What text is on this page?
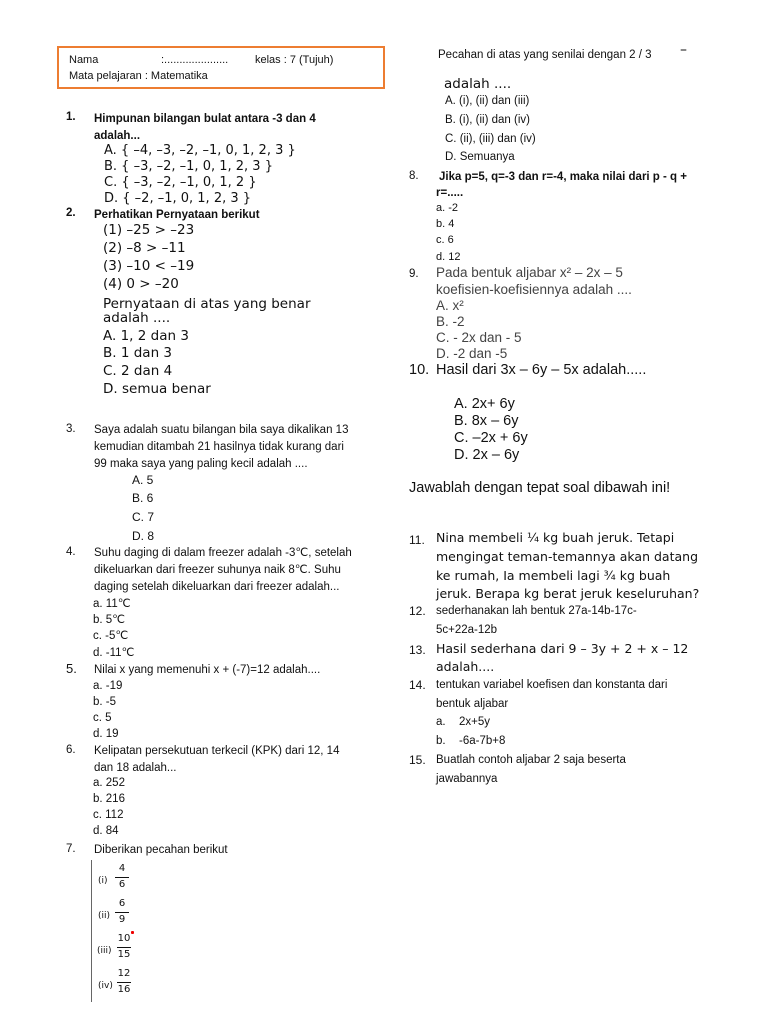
Nama	:..................... kelas : 7 (Tujuh)
Mata pelajaran : Matematika
1. Himpunan bilangan bulat antara -3 dan 4
adalah...
A. { –4, –3, –2, –1, 0, 1, 2, 3 }
B. { –3, –2, –1, 0, 1, 2, 3 }
C. { –3, –2, –1, 0, 1, 2 }
D. { –2, –1, 0, 1, 2, 3 }
2. Perhatikan Pernyataan berikut
(1) –25 > –23
(2) –8 > –11
(3) –10 < –19
(4) 0 > –20
Pernyataan di atas yang benar
adalah ....
A. 1, 2 dan 3
B. 1 dan 3
C. 2 dan 4
D. semua benar
3. Saya adalah suatu bilangan bila saya dikalikan 13
kemudian ditambah 21 hasilnya tidak kurang dari
99 maka saya yang paling kecil adalah ....
A. 5
B. 6
C. 7
D. 8
4. Suhu daging di dalam freezer adalah -3℃, setelah
dikeluarkan dari freezer suhunya naik 8℃. Suhu
daging setelah dikeluarkan dari freezer adalah...
a. 11℃
b. 5℃
c. -5℃
d. -11℃
5. Nilai x yang memenuhi x + (-7)=12 adalah....
a. -19
b. -5
c. 5
d. 19
6. Kelipatan persekutuan terkecil (KPK) dari 12, 14
dan 18 adalah...
a. 252
b. 216
c. 112
d. 84
7. Diberikan pecahan berikut
(i)
4
6
(ii)
6
9
(iii)
10
15
(iv)
12
16
Pecahan di atas yang senilai dengan 2 / 3 –
adalah ....
A. (i), (ii) dan (iii)
B. (i), (ii) dan (iv)
C. (ii), (iii) dan (iv)
D. Semuanya
8. Jika p=5, q=-3 dan r=-4, maka nilai dari p - q +
r=.....
a. -2
b. 4
c. 6
d. 12
9. Pada bentuk aljabar x² – 2x – 5
koefisien-koefisiennya adalah ....
A. x²
B. -2
C. - 2x dan - 5
D. -2 dan -5
10. Hasil dari 3x – 6y – 5x adalah.....
A. 2x+ 6y
B. 8x – 6y
C. –2x + 6y
D. 2x – 6y
Jawablah dengan tepat soal dibawah ini!
11. Nina membeli ¼ kg buah jeruk. Tetapi
mengingat teman-temannya akan datang
ke rumah, Ia membeli lagi ¾ kg buah
jeruk. Berapa kg berat jeruk keseluruhan?
12. sederhanakan lah bentuk 27a-14b-17c-
5c+22a-12b
13. Hasil sederhana dari 9 – 3y + 2 + x – 12
adalah....
14. tentukan variabel koefisen dan konstanta dari
bentuk aljabar
a. 2x+5y
b. -6a-7b+8
15. Buatlah contoh aljabar 2 saja beserta
jawabannya
